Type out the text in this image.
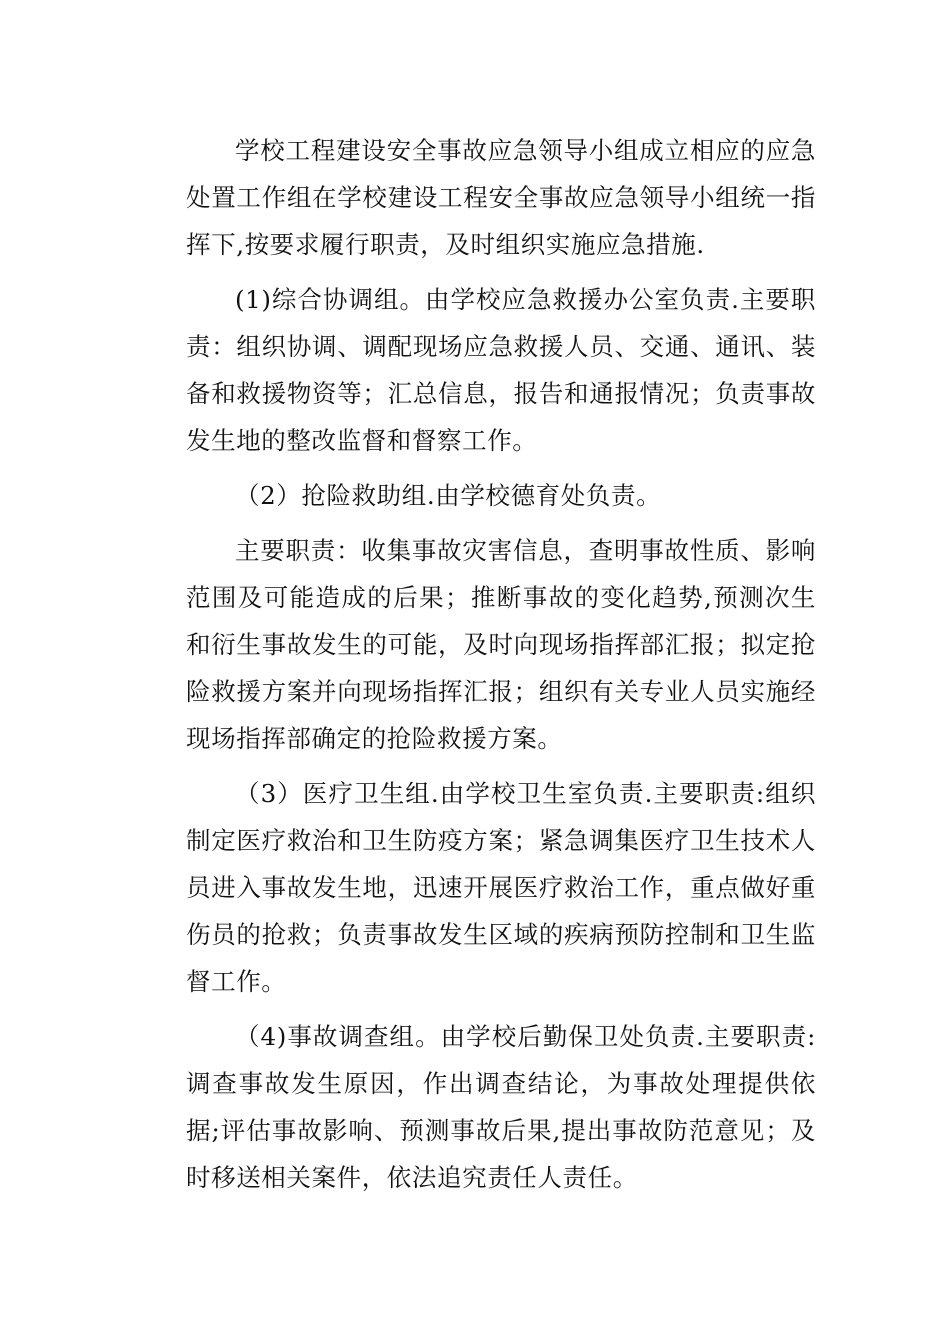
学校工程建设安全事故应急领导小组成立相应的应急处置工作组在学校建设工程安全事故应急领导小组统一指挥下,按要求履行职责，及时组织实施应急措施.

(1)综合协调组。由学校应急救援办公室负责.主要职责：组织协调、调配现场应急救援人员、交通、通讯、装备和救援物资等；汇总信息，报告和通报情况；负责事故发生地的整改监督和督察工作。

（2）抢险救助组.由学校德育处负责。

主要职责：收集事故灾害信息，查明事故性质、影响范围及可能造成的后果；推断事故的变化趋势,预测次生和衍生事故发生的可能，及时向现场指挥部汇报；拟定抢险救援方案并向现场指挥汇报；组织有关专业人员实施经现场指挥部确定的抢险救援方案。

（3）医疗卫生组.由学校卫生室负责.主要职责:组织制定医疗救治和卫生防疫方案；紧急调集医疗卫生技术人员进入事故发生地，迅速开展医疗救治工作，重点做好重伤员的抢救；负责事故发生区域的疾病预防控制和卫生监督工作。

（4)事故调查组。由学校后勤保卫处负责.主要职责:调查事故发生原因，作出调查结论，为事故处理提供依据;评估事故影响、预测事故后果,提出事故防范意见；及时移送相关案件，依法追究责任人责任。
